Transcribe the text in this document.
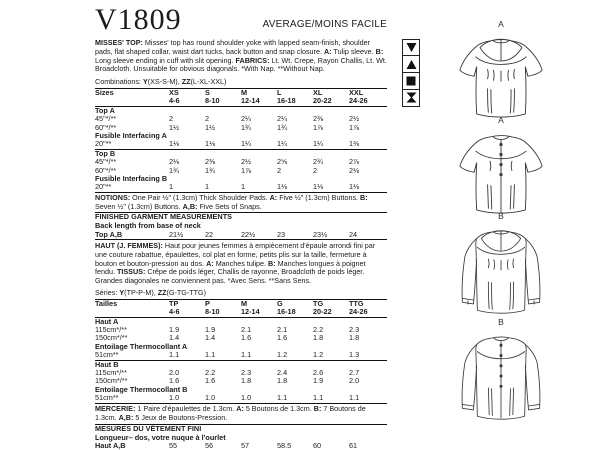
V1809	AVERAGE/MOINS FACILE
MISSES' TOP: Misses' top has round shoulder yoke with lapped seam-finish, shoulder pads, flat shaped collar, waist dart tucks, back button and snap closure. A: Tulip sleeve. B: Long sleeve ending in cuff with slit opening. FABRICS: Lt. Wt. Crepe, Rayon Challis, Lt. Wt. Broadcloth. Unsuitable for obvious diagonals. *With Nap. **Without Nap.
Combinations: Y(XS-S-M), ZZ(L-XL-XXL)
Sizes	XS	S	M	L	XL	XXL
4-6	8-10	12-14	16-18	20-22	24-26
Top A
45"*/**	2	2	2¼	2¼	2⅜	2½
60"*/**	1½	1½	1¾	1¾	1⅞	1⅞
Fusible Interfacing A
20"**	1⅛	1⅛	1¼	1¼	1¼	1⅜
Top B
45"*/**	2⅛	2⅜	2½	2⅝	2¾	2⅞
60"*/**	1¾	1¾	1⅞	2	2	2⅛
Fusible Interfacing B
20"**	1	1	1	1⅛	1⅛	1⅛
NOTIONS: One Pair ½" (1.3cm) Thick Shoulder Pads. A: Five ½" (1.3cm) Buttons. B: Seven ½" (1.3cm) Buttons. A,B: Five Sets of Snaps.
FINISHED GARMENT MEASUREMENTS
Back length from base of neck
Top A,B	21½	22	22½	23	23½	24
HAUT (J. FEMMES): Haut pour jeunes femmes à empiècement d'épaule arrondi fini par une couture rabattue, épaulettes, col plat en forme, petits plis sur la taille, fermeture à bouton et bouton-pression au dos. A: Manches tulipe. B: Manches longues à poignet fendu. TISSUS: Crêpe de poids léger, Challis de rayonne, Broadcloth de poids léger. Grandes diagonales ne conviennent pas. *Avec Sens. **Sans Sens.
Séries: Y(TP-P-M), ZZ(G-TG-TTG)
Tailles	TP	P	M	G	TG	TTG
4-6	8-10	12-14	16-18	20-22	24-26
Haut A
115cm*/**	1.9	1.9	2.1	2.1	2.2	2.3
150cm*/**	1.4	1.4	1.6	1.6	1.8	1.8
Entoilage Thermocollant A
51cm**	1.1	1.1	1.1	1.2	1.2	1.3
Haut B
115cm*/**	2.0	2.2	2.3	2.4	2.6	2.7
150cm*/**	1.6	1.6	1.8	1.8	1.9	2.0
Entoilage Thermocollant B
51cm**	1.0	1.0	1.0	1.1	1.1	1.1
MERCERIE: 1 Paire d'épaulettes de 1.3cm. A: 5 Boutons de 1.3cm. B: 7 Boutons de 1.3cm. A,B: 5 Jeux de Boutons-Pression.
MESURES DU VÊTEMENT FINI
Longueur– dos, votre nuque à l'ourlet
Haut A,B	55	56	57	58.5	60	61
A
A
B
B
